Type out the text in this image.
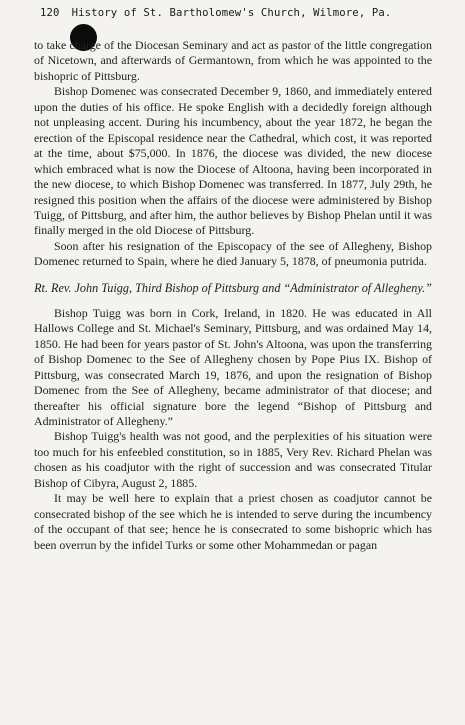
120 History of St. Bartholomew's Church, Wilmore, Pa.

to take charge of the Diocesan Seminary and act as pastor of the little congregation of Nicetown, and afterwards of Germantown, from which he was appointed to the bishopric of Pittsburg.

Bishop Domenec was consecrated December 9, 1860, and immediately entered upon the duties of his office. He spoke English with a decidedly foreign although not unpleasing accent. During his incumbency, about the year 1872, he began the erection of the Episcopal residence near the Cathedral, which cost, it was reported at the time, about $75,000. In 1876, the diocese was divided, the new diocese which embraced what is now the Diocese of Altoona, having been incorporated in the new diocese, to which Bishop Domenec was transferred. In 1877, July 29th, he resigned this position when the affairs of the diocese were administered by Bishop Tuigg, of Pittsburg, and after him, the author believes by Bishop Phelan until it was finally merged in the old Diocese of Pittsburg.

Soon after his resignation of the Episcopacy of the see of Allegheny, Bishop Domenec returned to Spain, where he died January 5, 1878, of pneumonia putrida.

Rt. Rev. John Tuigg, Third Bishop of Pittsburg and “Administrator of Allegheny.”

Bishop Tuigg was born in Cork, Ireland, in 1820. He was educated in All Hallows College and St. Michael's Seminary, Pittsburg, and was ordained May 14, 1850. He had been for years pastor of St. John's Altoona, was upon the transferring of Bishop Domenec to the See of Allegheny chosen by Pope Pius IX. Bishop of Pittsburg, was consecrated March 19, 1876, and upon the resignation of Bishop Domenec from the See of Allegheny, became administrator of that diocese; and thereafter his official signature bore the legend “Bishop of Pittsburg and Administrator of Allegheny.”

Bishop Tuigg's health was not good, and the perplexities of his situation were too much for his enfeebled constitution, so in 1885, Very Rev. Richard Phelan was chosen as his coadjutor with the right of succession and was consecrated Titular Bishop of Cibyra, August 2, 1885.

It may be well here to explain that a priest chosen as coadjutor cannot be consecrated bishop of the see which he is intended to serve during the incumbency of the occupant of that see; hence he is consecrated to some bishopric which has been overrun by the infidel Turks or some other Mohammedan or pagan
